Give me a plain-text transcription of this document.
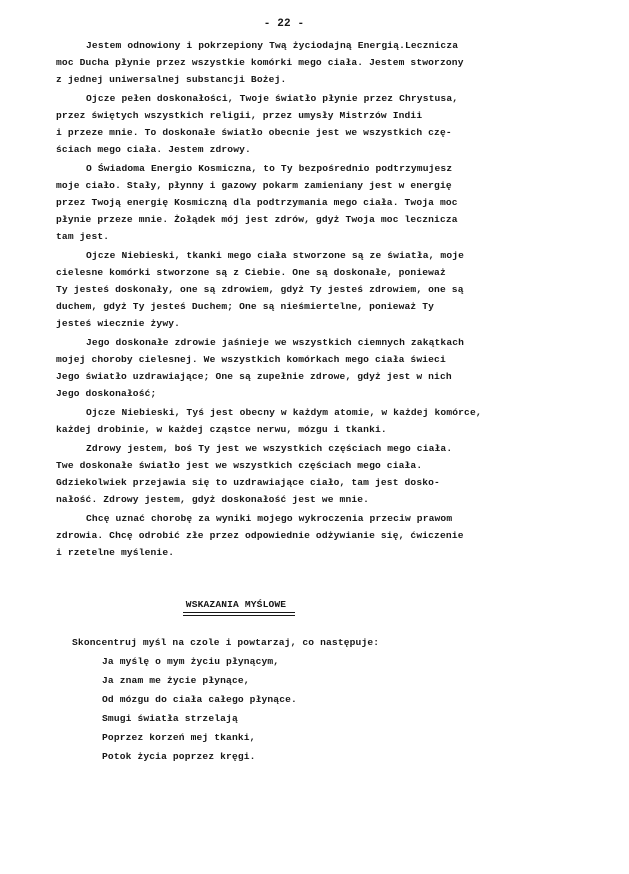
- 22 -
Jestem odnowiony i pokrzepiony Twą życiodajną Energią.Lecznicza
moc Ducha płynie przez wszystkie komórki mego ciała. Jestem stworzony
z jednej uniwersalnej substancji Bożej.
Ojcze pełen doskonałości, Twoje światło płynie przez Chrystusa,
przez świętych wszystkich religii, przez umysły Mistrzów Indii
i przeze mnie. To doskonałe światło obecnie jest we wszystkich czę-
ściach mego ciała. Jestem zdrowy.
O Świadoma Energio Kosmiczna, to Ty bezpośrednio podtrzymujesz
moje ciało. Stały, płynny i gazowy pokarm zamieniany jest w energię
przez Twoją energię Kosmiczną dla podtrzymania mego ciała. Twoja moc
płynie przeze mnie. Żołądek mój jest zdrów, gdyż Twoja moc lecznicza
tam jest.
Ojcze Niebieski, tkanki mego ciała stworzone są ze światła, moje
cielesne komórki stworzone są z Ciebie. One są doskonałe, ponieważ
Ty jesteś doskonały, one są zdrowiem, gdyż Ty jesteś zdrowiem, one są
duchem, gdyż Ty jesteś Duchem; One są nieśmiertelne, ponieważ Ty
jesteś wiecznie żywy.
Jego doskonałe zdrowie jaśnieje we wszystkich ciemnych zakątkach
mojej choroby cielesnej. We wszystkich komórkach mego ciała świeci
Jego światło uzdrawiające; One są zupełnie zdrowe, gdyż jest w nich
Jego doskonałość;
Ojcze Niebieski, Tyś jest obecny w każdym atomie, w każdej komórce,
każdej drobinie, w każdej cząstce nerwu, mózgu i tkanki.
Zdrowy jestem, boś Ty jest we wszystkich częściach mego ciała.
Twe doskonałe światło jest we wszystkich częściach mego ciała.
Gdziekolwiek przejawia się to uzdrawiające ciało, tam jest dosko-
nałość. Zdrowy jestem, gdyż doskonałość jest we mnie.
Chcę uznać chorobę za wyniki mojego wykroczenia przeciw prawom
zdrowia. Chcę odrobić złe przez odpowiednie odżywianie się, ćwiczenie
i rzetelne myślenie.
WSKAZANIA MYŚLOWE
Skoncentruj myśl na czole i powtarzaj, co następuje:
Ja myślę o mym życiu płynącym,
Ja znam me życie płynące,
Od mózgu do ciała całego płynące.
Smugi światła strzelają
Poprzez korzeń mej tkanki,
Potok życia poprzez kręgi.
